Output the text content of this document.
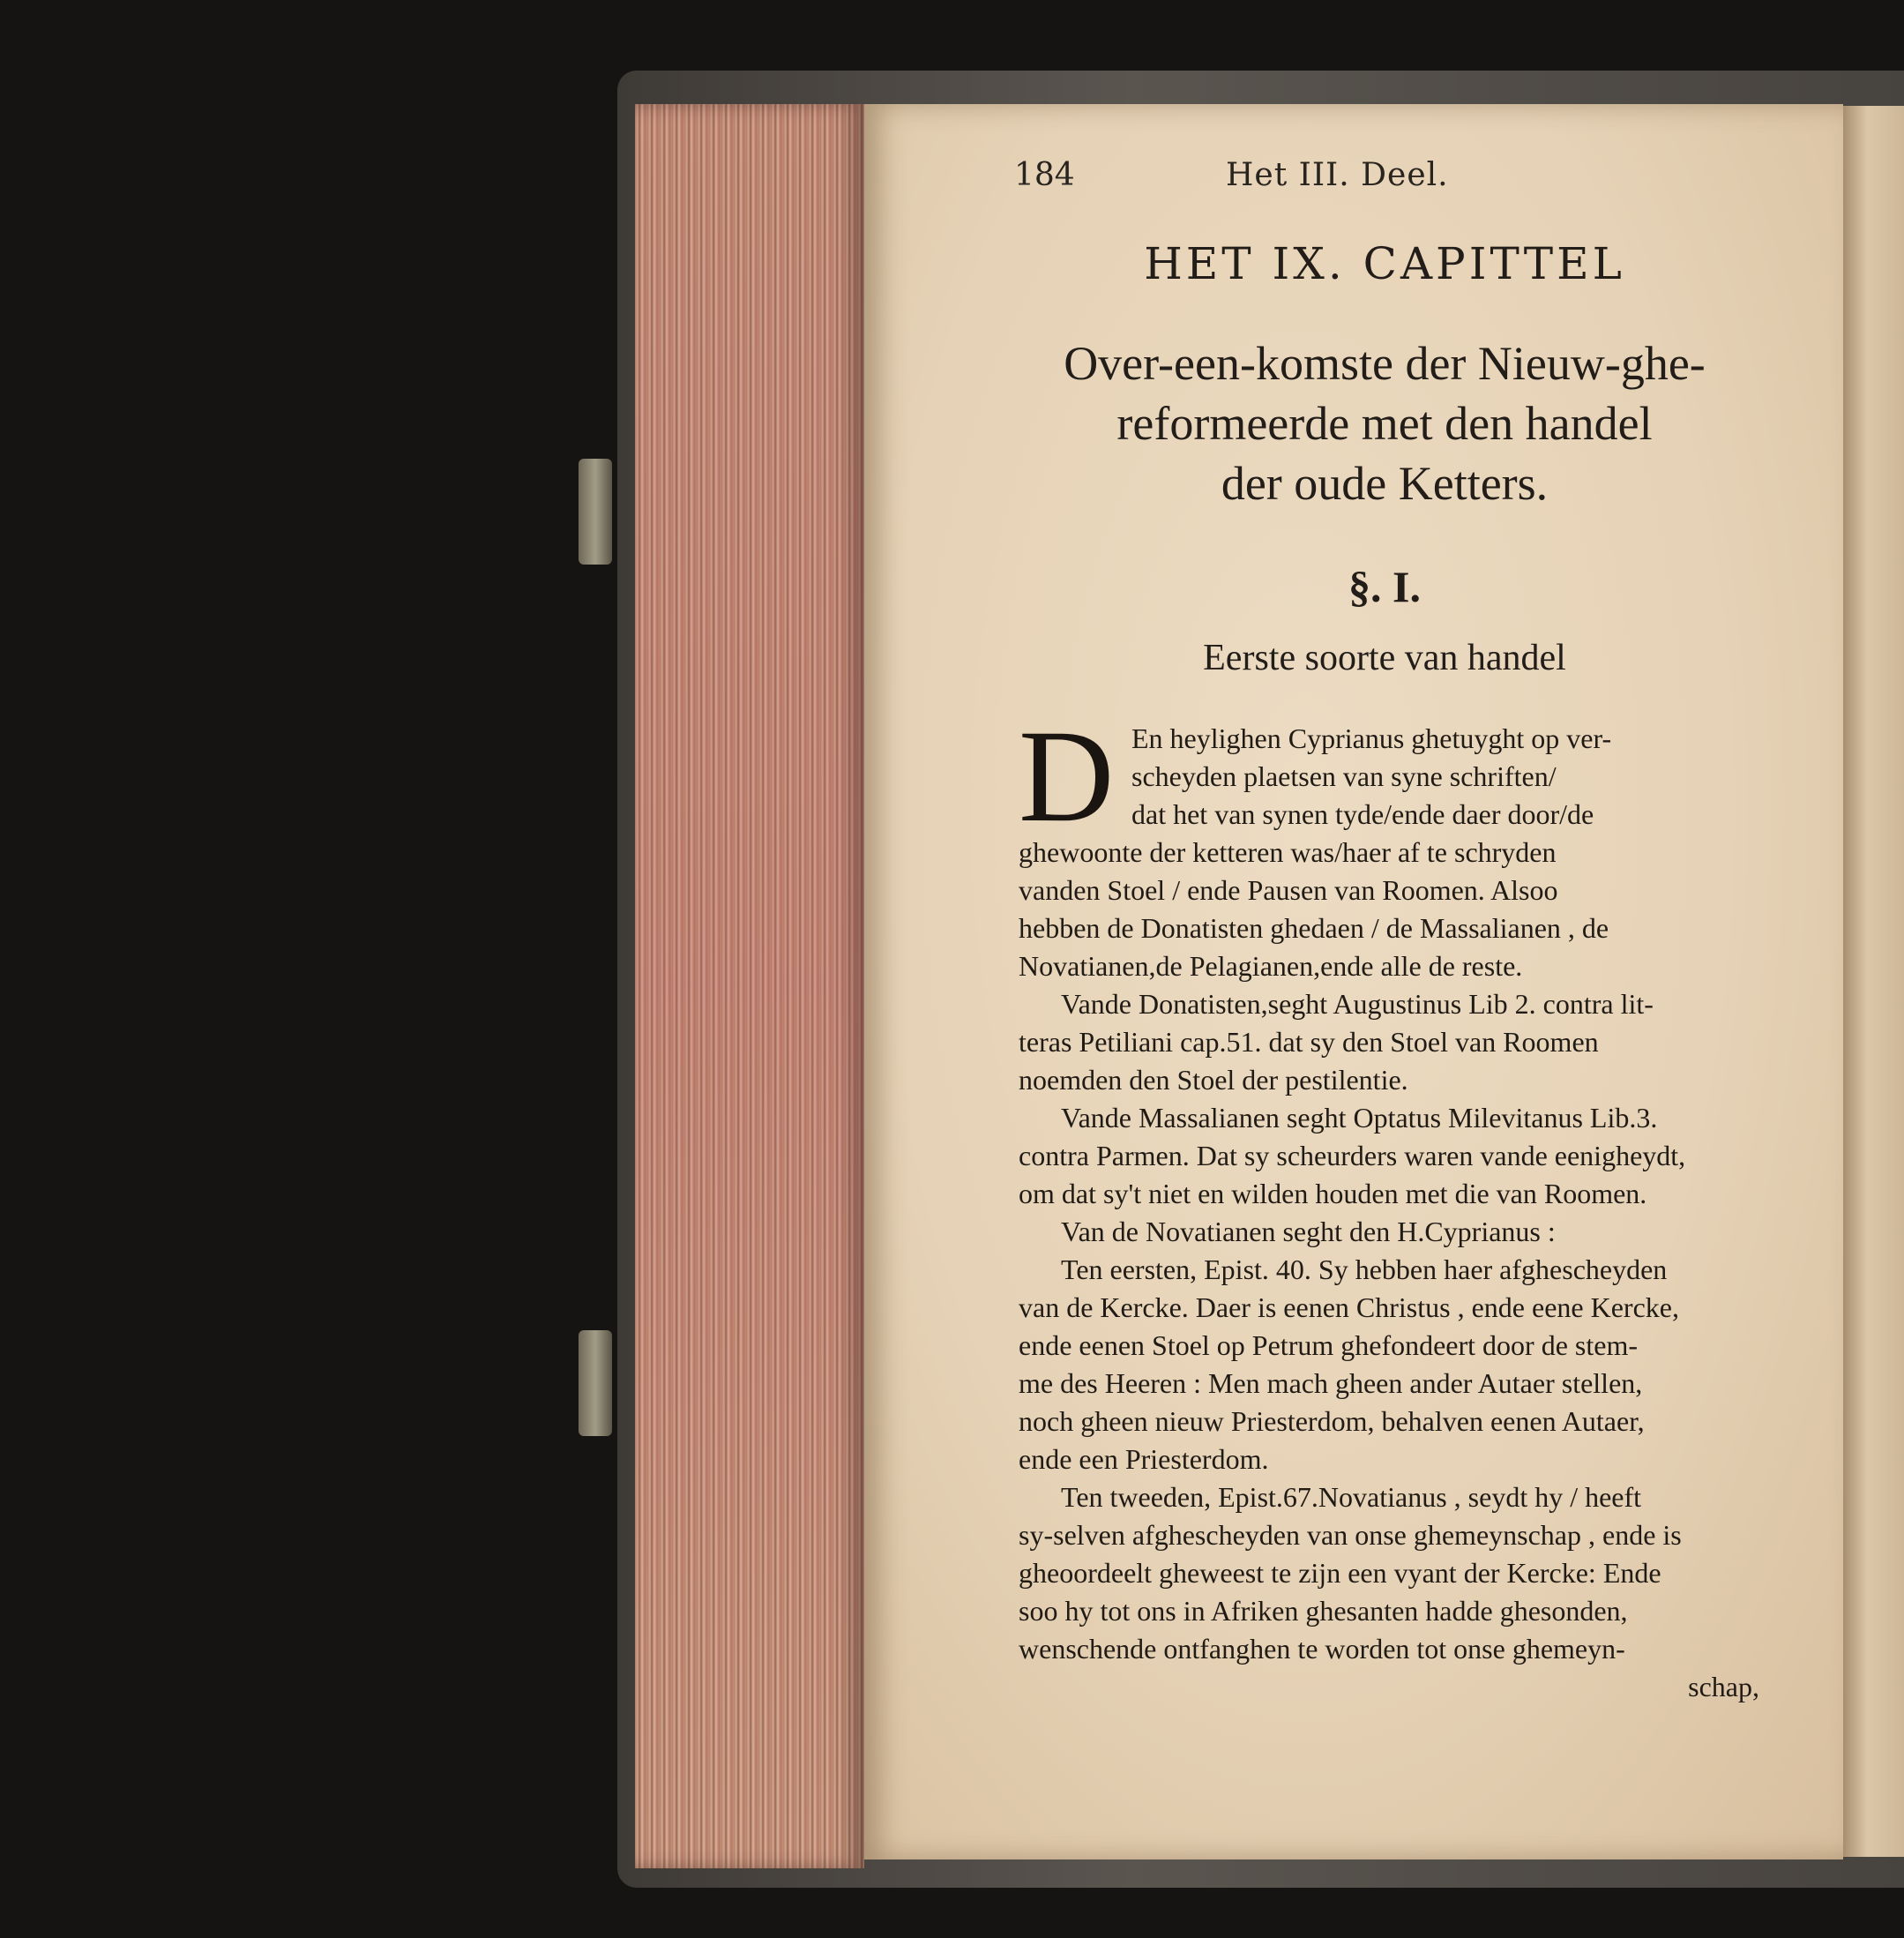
184	Het III. Deel.
HET IX. CAPITTEL
Over-een-komste der Nieuw-ghe-
reformeerde met den handel
der oude Ketters.
§. I.
Eerste soorte van handel
D En heylighen Cyprianus ghetuyght op ver-
scheyden plaetsen van syne schriften/
dat het van synen tyde/ende daer door/de
ghewoonte der ketteren was/haer af te schryden
vanden Stoel / ende Pausen van Roomen. Alsoo
hebben de Donatisten ghedaen / de Massalianen , de
Novatianen,de Pelagianen,ende alle de reste.
Vande Donatisten,seght Augustinus Lib 2. contra lit-
teras Petiliani cap.51. dat sy den Stoel van Roomen
noemden den Stoel der pestilentie.
Vande Massalianen seght Optatus Milevitanus Lib.3.
contra Parmen. Dat sy scheurders waren vande eenigheydt,
om dat sy't niet en wilden houden met die van Roomen.
Van de Novatianen seght den H.Cyprianus :
Ten eersten, Epist. 40. Sy hebben haer afghescheyden
van de Kercke. Daer is eenen Christus , ende eene Kercke,
ende eenen Stoel op Petrum ghefondeert door de stem-
me des Heeren : Men mach gheen ander Autaer stellen,
noch gheen nieuw Priesterdom, behalven eenen Autaer,
ende een Priesterdom.
Ten tweeden, Epist.67.Novatianus , seydt hy / heeft
sy-selven afghescheyden van onse ghemeynschap , ende is
gheoordeelt gheweest te zijn een vyant der Kercke: Ende
soo hy tot ons in Afriken ghesanten hadde ghesonden,
wenschende ontfanghen te worden tot onse ghemeyn-
schap,
